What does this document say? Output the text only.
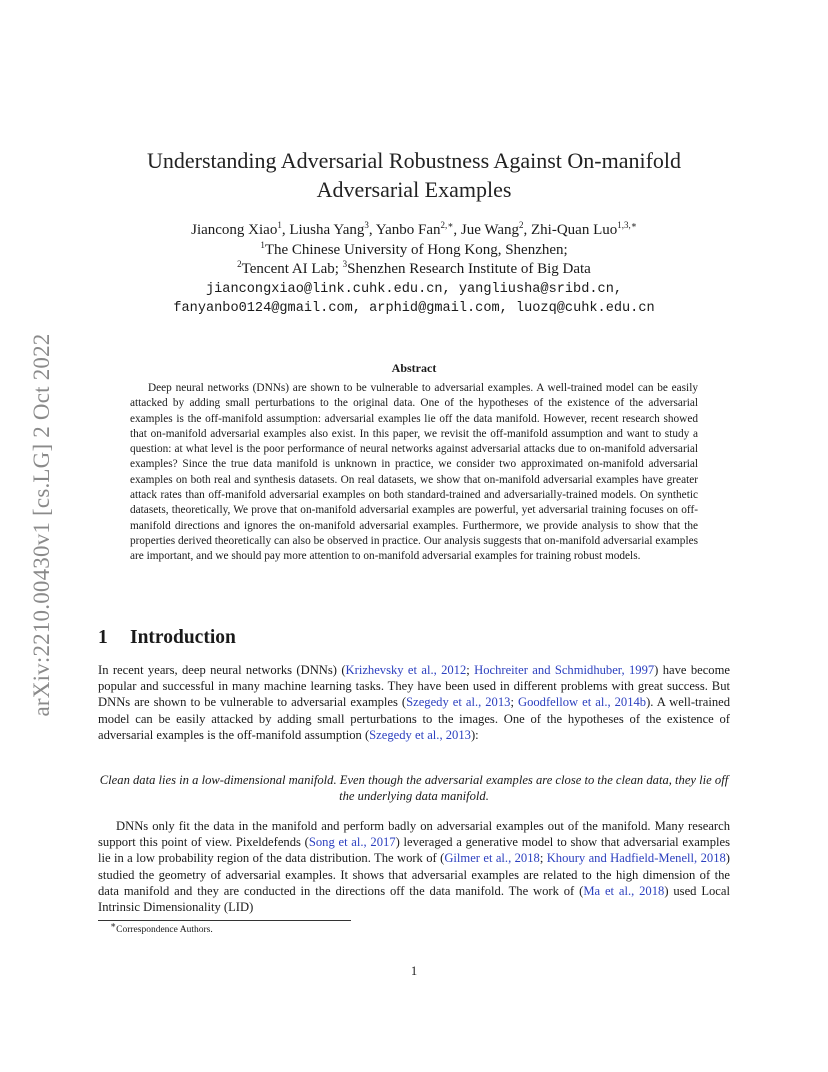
arXiv:2210.00430v1 [cs.LG] 2 Oct 2022
Understanding Adversarial Robustness Against On-manifold
Adversarial Examples
Jiancong Xiao$^1$, Liusha Yang$^3$, Yanbo Fan$^{2,∗}$, Jue Wang$^2$, Zhi-Quan Luo$^{1,3,∗}$
$^1$The Chinese University of Hong Kong, Shenzhen;
$^2$Tencent AI Lab; $^3$Shenzhen Research Institute of Big Data
jiancongxiao@link.cuhk.edu.cn, yangliusha@sribd.cn,
fanyanbo0124@gmail.com, arphid@gmail.com, luozq@cuhk.edu.cn
Abstract
Deep neural networks (DNNs) are shown to be vulnerable to adversarial examples. A well-trained model can be easily attacked by adding small perturbations to the original data. One of the hypotheses of the existence of the adversarial examples is the off-manifold assumption: adversarial examples lie off the data manifold. However, recent research showed that on-manifold adversarial examples also exist. In this paper, we revisit the off-manifold assumption and want to study a question: at what level is the poor performance of neural networks against adversarial attacks due to on-manifold adversarial examples? Since the true data manifold is unknown in practice, we consider two approximated on-manifold adversarial examples on both real and synthesis datasets. On real datasets, we show that on-manifold adversarial examples have greater attack rates than off-manifold adversarial examples on both standard-trained and adversarially-trained models. On synthetic datasets, theoretically, We prove that on-manifold adversarial examples are powerful, yet adversarial training focuses on off-manifold directions and ignores the on-manifold adversarial examples. Furthermore, we provide analysis to show that the properties derived theoretically can also be observed in practice. Our analysis suggests that on-manifold adversarial examples are important, and we should pay more attention to on-manifold adversarial examples for training robust models.
1 Introduction
In recent years, deep neural networks (DNNs) (Krizhevsky et al., 2012; Hochreiter and Schmidhuber, 1997) have become popular and successful in many machine learning tasks. They have been used in different problems with great success. But DNNs are shown to be vulnerable to adversarial examples (Szegedy et al., 2013; Goodfellow et al., 2014b). A well-trained model can be easily attacked by adding small perturbations to the images. One of the hypotheses of the existence of adversarial examples is the off-manifold assumption (Szegedy et al., 2013):
Clean data lies in a low-dimensional manifold. Even though the adversarial examples are close to the clean data, they lie off the underlying data manifold.
DNNs only fit the data in the manifold and perform badly on adversarial examples out of the manifold. Many research support this point of view. Pixeldefends (Song et al., 2017) leveraged a generative model to show that adversarial examples lie in a low probability region of the data distribution. The work of (Gilmer et al., 2018; Khoury and Hadfield-Menell, 2018) studied the geometry of adversarial examples. It shows that adversarial examples are related to the high dimension of the data manifold and they are conducted in the directions off the data manifold. The work of (Ma et al., 2018) used Local Intrinsic Dimensionality (LID)
∗Correspondence Authors.
1
